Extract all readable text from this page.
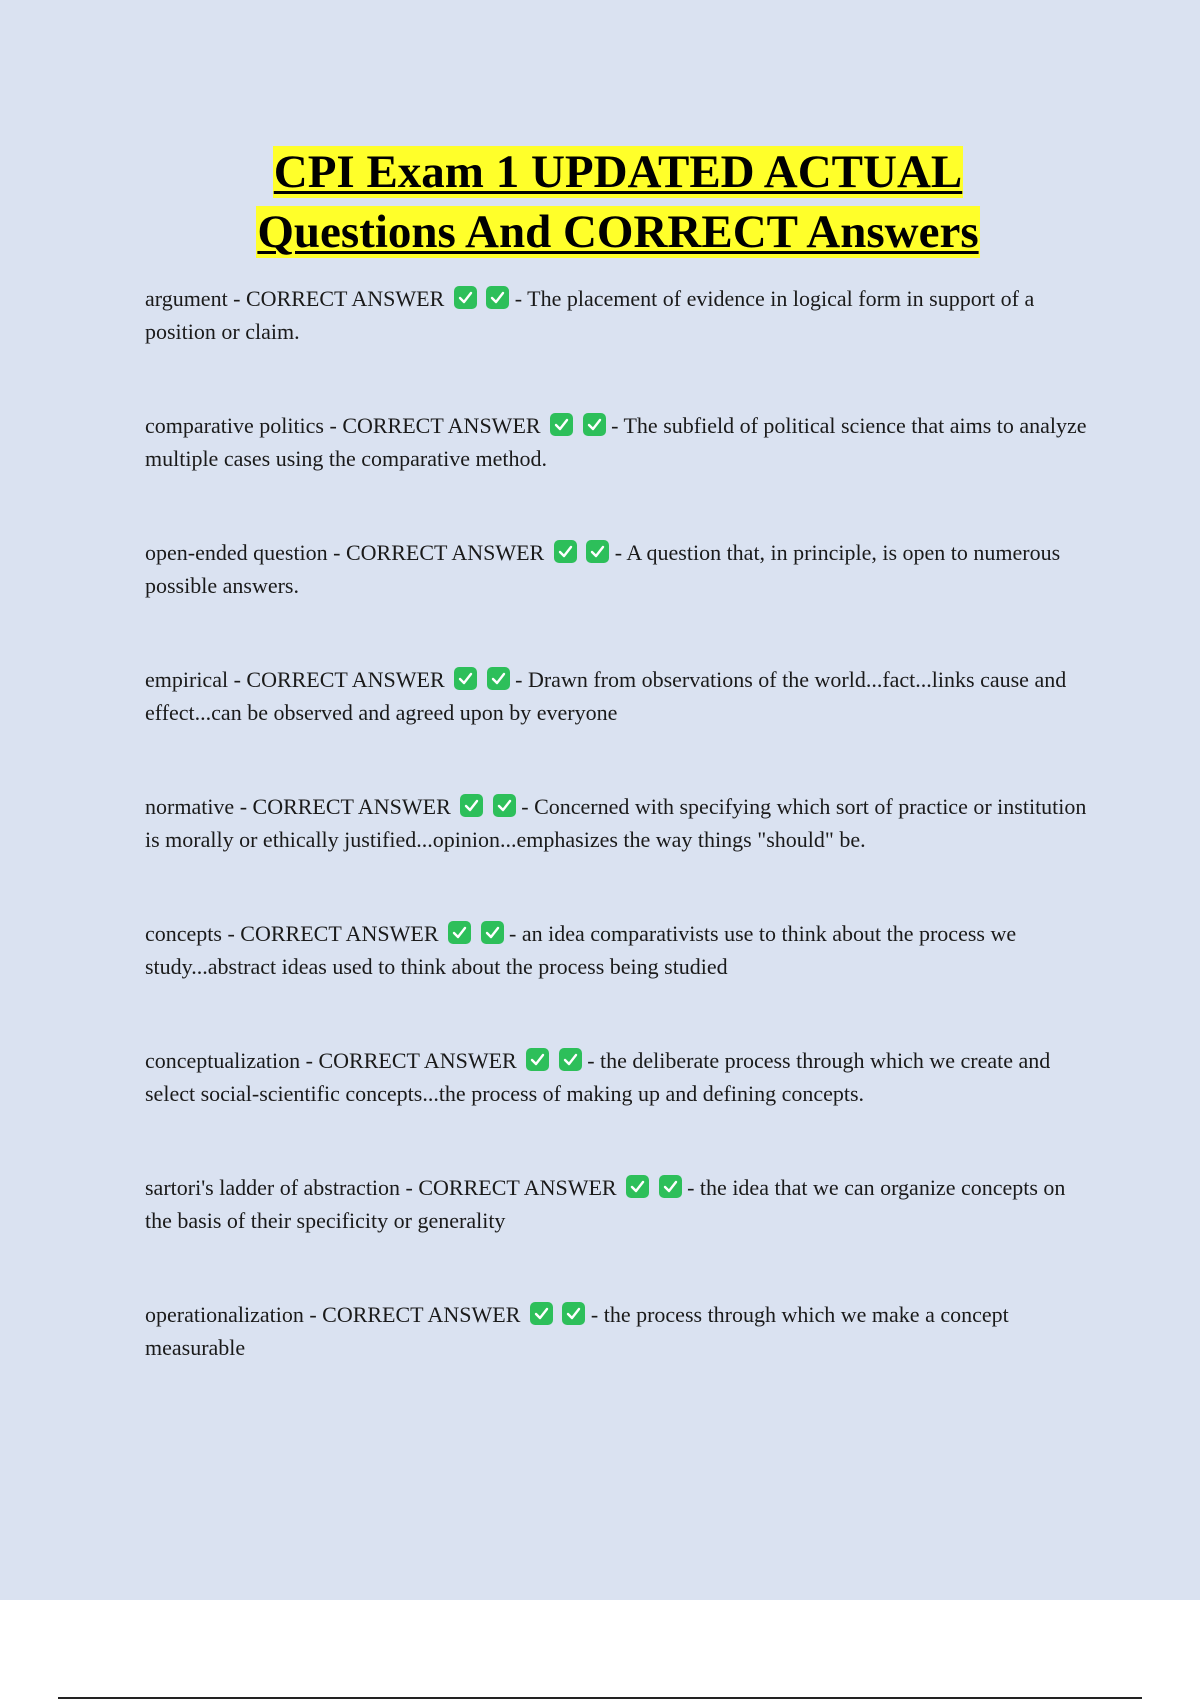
CPI Exam 1 UPDATED ACTUAL
Questions And CORRECT Answers

argument - CORRECT ANSWER
	- The placement of evidence in logical form in support of a position or claim.

comparative politics - CORRECT ANSWER
	- The subfield of political science that aims to analyze multiple cases using the comparative method.

open-ended question - CORRECT ANSWER
	- A question that, in principle, is open to numerous possible answers.

empirical - CORRECT ANSWER
	- Drawn from observations of the world...fact...links cause and effect...can be observed and agreed upon by everyone

normative - CORRECT ANSWER
	- Concerned with specifying which sort of practice or institution is morally or ethically justified...opinion...emphasizes the way things "should" be.

concepts - CORRECT ANSWER
	- an idea comparativists use to think about the process we study...abstract ideas used to think about the process being studied

conceptualization - CORRECT ANSWER
	- the deliberate process through which we create and select social-scientific concepts...the process of making up and defining concepts.

sartori's ladder of abstraction - CORRECT ANSWER
	- the idea that we can organize concepts on the basis of their specificity or generality

operationalization - CORRECT ANSWER
	- the process through which we make a concept measurable
